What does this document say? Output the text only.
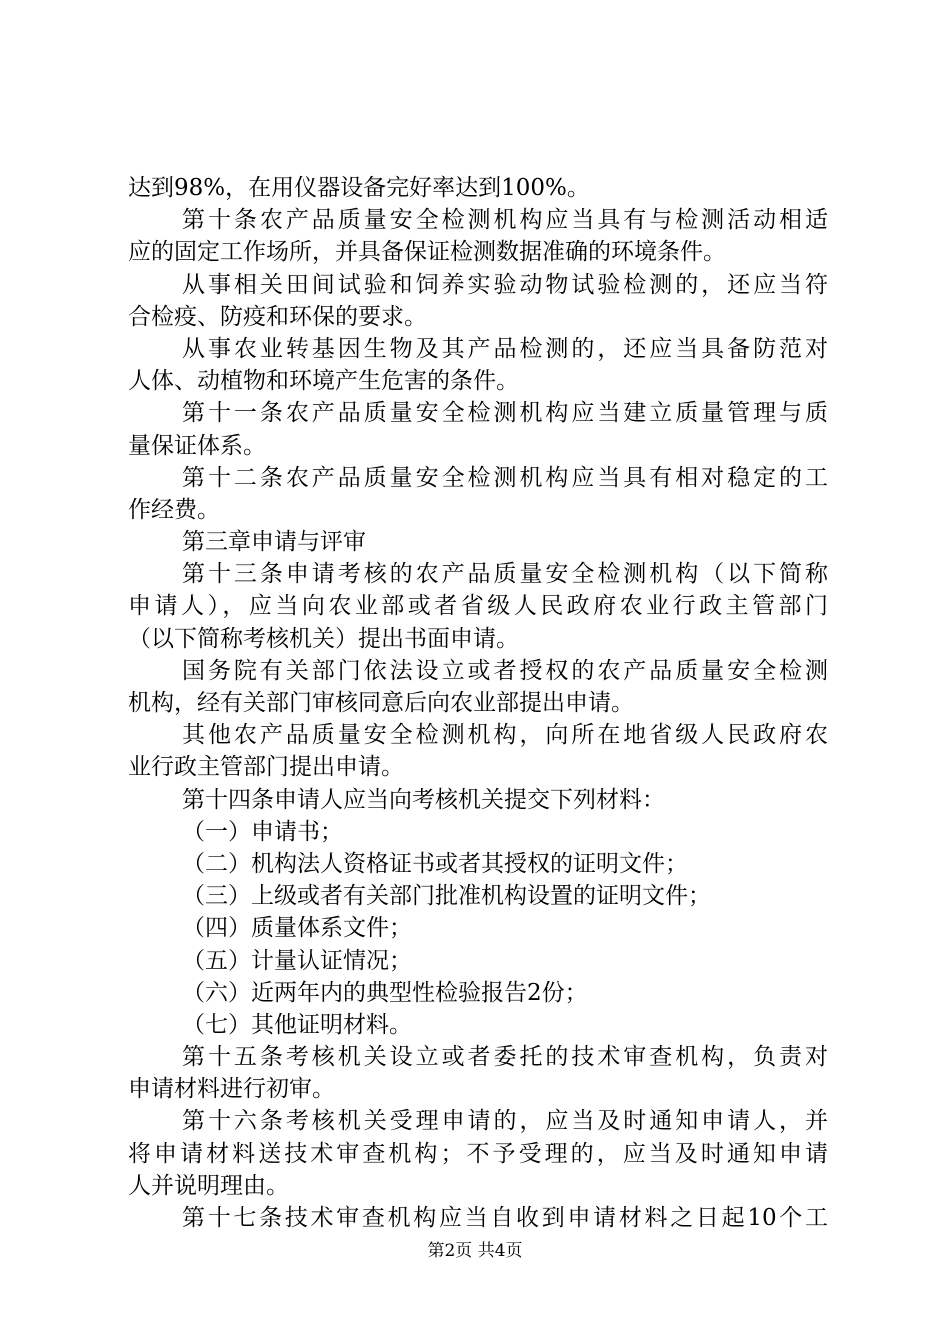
达到98%，在用仪器设备完好率达到100%。
第十条农产品质量安全检测机构应当具有与检测活动相适
应的固定工作场所，并具备保证检测数据准确的环境条件。
从事相关田间试验和饲养实验动物试验检测的，还应当符
合检疫、防疫和环保的要求。
从事农业转基因生物及其产品检测的，还应当具备防范对
人体、动植物和环境产生危害的条件。
第十一条农产品质量安全检测机构应当建立质量管理与质
量保证体系。
第十二条农产品质量安全检测机构应当具有相对稳定的工
作经费。
第三章申请与评审
第十三条申请考核的农产品质量安全检测机构（以下简称
申请人），应当向农业部或者省级人民政府农业行政主管部门
（以下简称考核机关）提出书面申请。
国务院有关部门依法设立或者授权的农产品质量安全检测
机构，经有关部门审核同意后向农业部提出申请。
其他农产品质量安全检测机构，向所在地省级人民政府农
业行政主管部门提出申请。
第十四条申请人应当向考核机关提交下列材料：
（一）申请书；
（二）机构法人资格证书或者其授权的证明文件；
（三）上级或者有关部门批准机构设置的证明文件；
（四）质量体系文件；
（五）计量认证情况；
（六）近两年内的典型性检验报告2份；
（七）其他证明材料。
第十五条考核机关设立或者委托的技术审查机构，负责对
申请材料进行初审。
第十六条考核机关受理申请的，应当及时通知申请人，并
将申请材料送技术审查机构；不予受理的，应当及时通知申请
人并说明理由。
第十七条技术审查机构应当自收到申请材料之日起10个工
第2页 共4页
